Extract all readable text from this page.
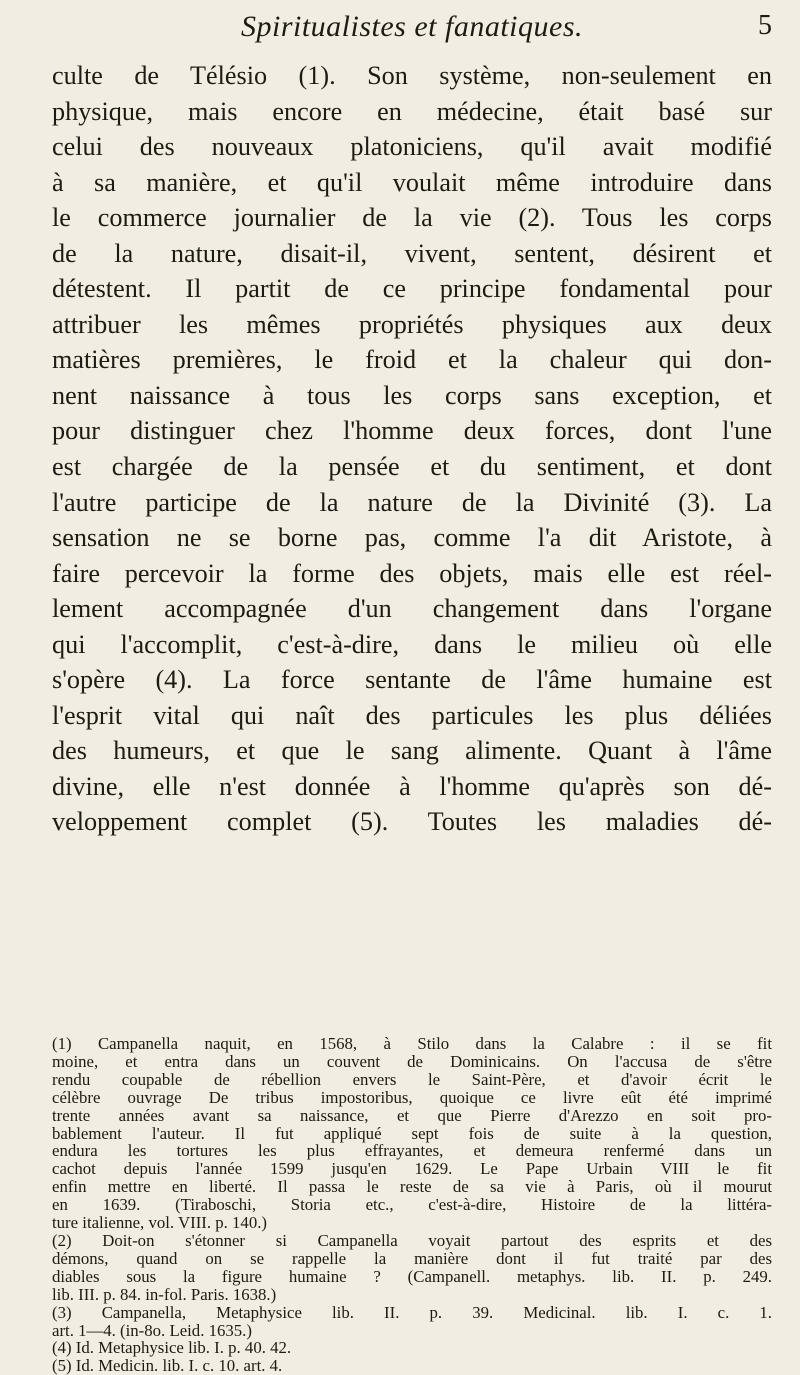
Spiritualistes et fanatiques.	5
culte de Télésio (1). Son système, non-seulement en
physique, mais encore en médecine, était basé sur
celui des nouveaux platoniciens, qu'il avait modifié
à sa manière, et qu'il voulait même introduire dans
le commerce journalier de la vie (2). Tous les corps
de la nature, disait-il, vivent, sentent, désirent et
détestent. Il partit de ce principe fondamental pour
attribuer les mêmes propriétés physiques aux deux
matières premières, le froid et la chaleur qui don-
nent naissance à tous les corps sans exception, et
pour distinguer chez l'homme deux forces, dont l'une
est chargée de la pensée et du sentiment, et dont
l'autre participe de la nature de la Divinité (3). La
sensation ne se borne pas, comme l'a dit Aristote, à
faire percevoir la forme des objets, mais elle est réel-
lement accompagnée d'un changement dans l'organe
qui l'accomplit, c'est-à-dire, dans le milieu où elle
s'opère (4). La force sentante de l'âme humaine est
l'esprit vital qui naît des particules les plus déliées
des humeurs, et que le sang alimente. Quant à l'âme
divine, elle n'est donnée à l'homme qu'après son dé-
veloppement complet (5). Toutes les maladies dé-
(1) Campanella naquit, en 1568, à Stilo dans la Calabre : il se fit
moine, et entra dans un couvent de Dominicains. On l'accusa de s'être
rendu coupable de rébellion envers le Saint-Père, et d'avoir écrit le
célèbre ouvrage De tribus impostoribus, quoique ce livre eût été imprimé
trente années avant sa naissance, et que Pierre d'Arezzo en soit pro-
bablement l'auteur. Il fut appliqué sept fois de suite à la question,
endura les tortures les plus effrayantes, et demeura renfermé dans un
cachot depuis l'année 1599 jusqu'en 1629. Le Pape Urbain VIII le fit
enfin mettre en liberté. Il passa le reste de sa vie à Paris, où il mourut
en 1639. (Tiraboschi, Storia etc., c'est-à-dire, Histoire de la littéra-
ture italienne, vol. VIII. p. 140.)
(2) Doit-on s'étonner si Campanella voyait partout des esprits et des
démons, quand on se rappelle la manière dont il fut traité par des
diables sous la figure humaine ? (Campanell. metaphys. lib. II. p. 249.
lib. III. p. 84. in-fol. Paris. 1638.)
(3) Campanella, Metaphysice lib. II. p. 39. Medicinal. lib. I. c. 1.
art. 1—4. (in-8o. Leid. 1635.)
(4) Id. Metaphysice lib. I. p. 40. 42.
(5) Id. Medicin. lib. I. c. 10. art. 4.
